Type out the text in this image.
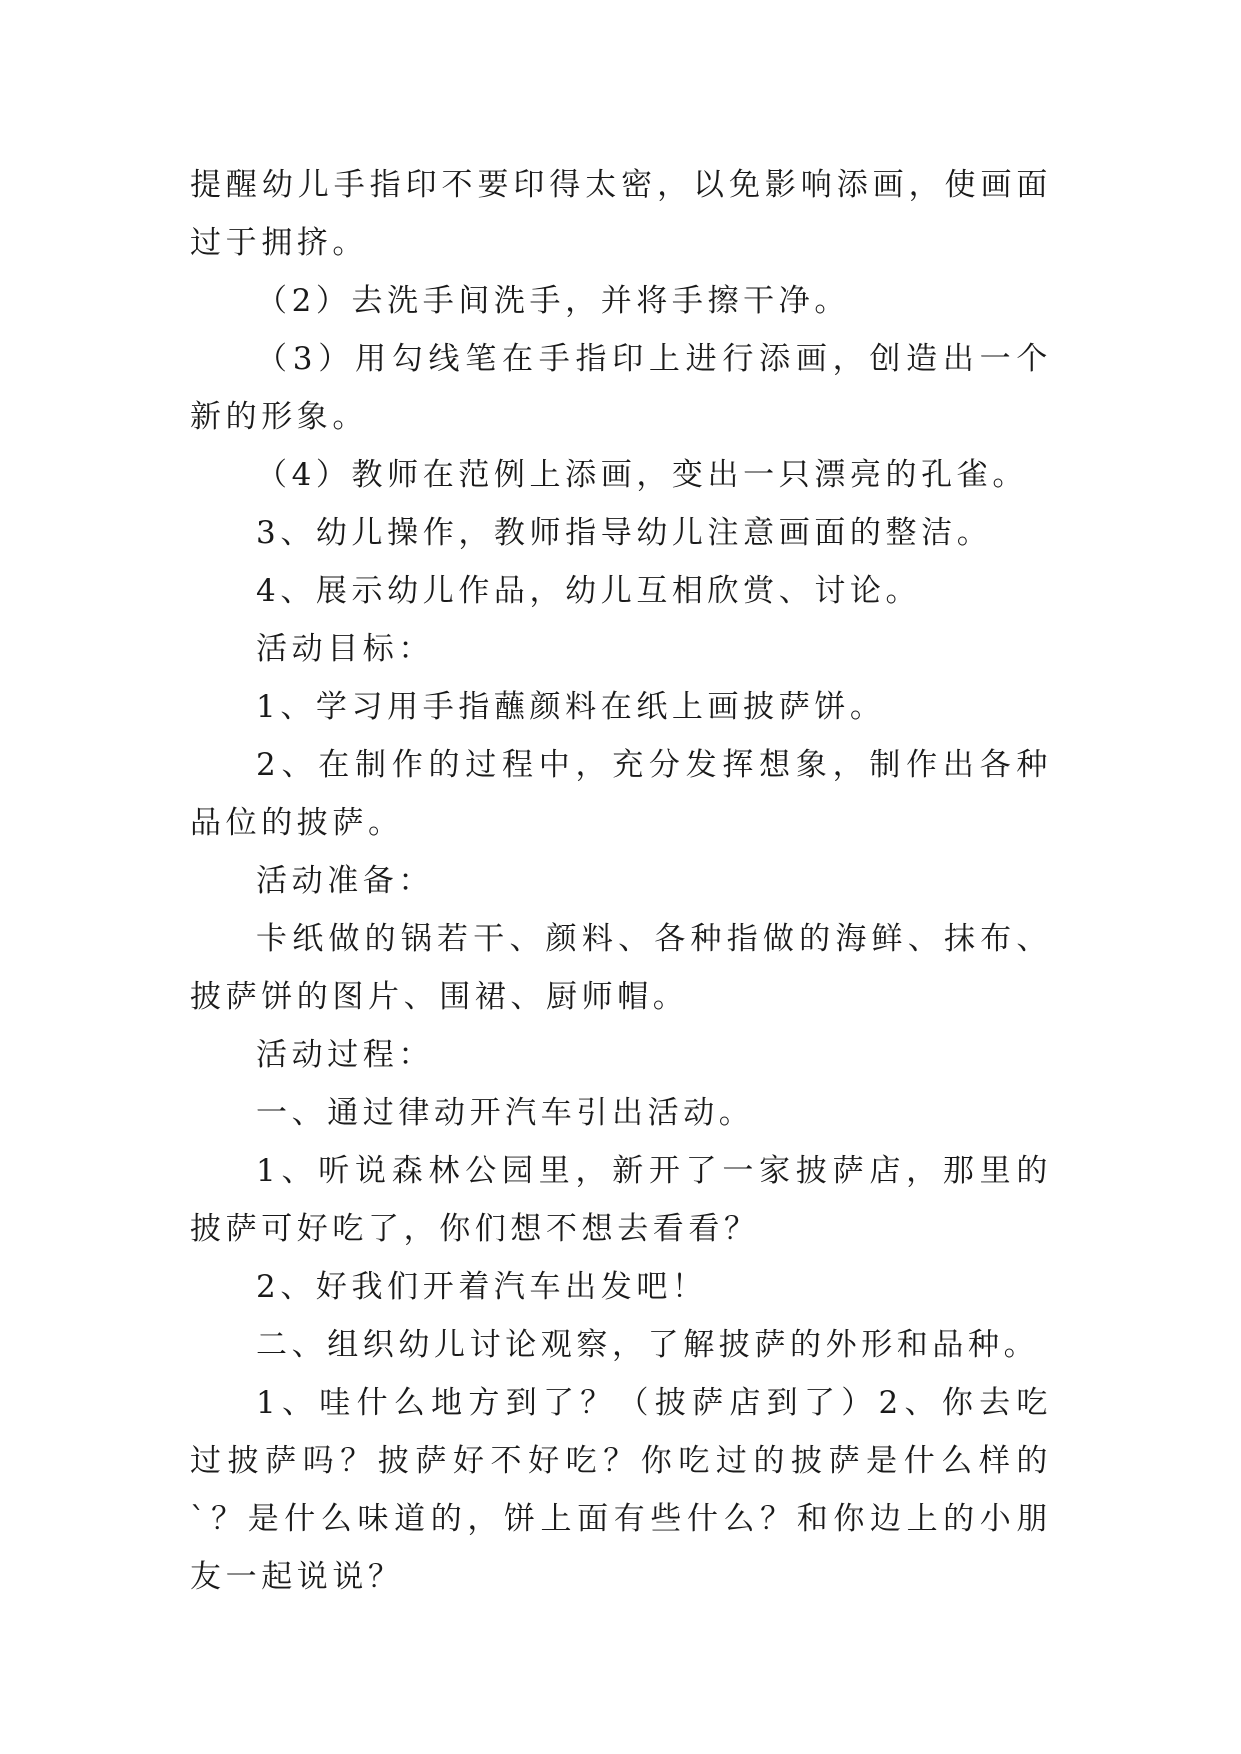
提醒幼儿手指印不要印得太密，以免影响添画，使画面过于拥挤。

（2）去洗手间洗手，并将手擦干净。

（3）用勾线笔在手指印上进行添画，创造出一个新的形象。

（4）教师在范例上添画，变出一只漂亮的孔雀。

3、幼儿操作，教师指导幼儿注意画面的整洁。

4、展示幼儿作品，幼儿互相欣赏、讨论。

活动目标：

1、学习用手指蘸颜料在纸上画披萨饼。

2、在制作的过程中，充分发挥想象，制作出各种品位的披萨。

活动准备：

卡纸做的锅若干、颜料、各种指做的海鲜、抹布、披萨饼的图片、围裙、厨师帽。

活动过程：

一、通过律动开汽车引出活动。

1、听说森林公园里，新开了一家披萨店，那里的披萨可好吃了，你们想不想去看看？

2、好我们开着汽车出发吧！

二、组织幼儿讨论观察，了解披萨的外形和品种。

1、哇什么地方到了？（披萨店到了）2、你去吃过披萨吗？披萨好不好吃？你吃过的披萨是什么样的`？是什么味道的，饼上面有些什么？和你边上的小朋友一起说说？
